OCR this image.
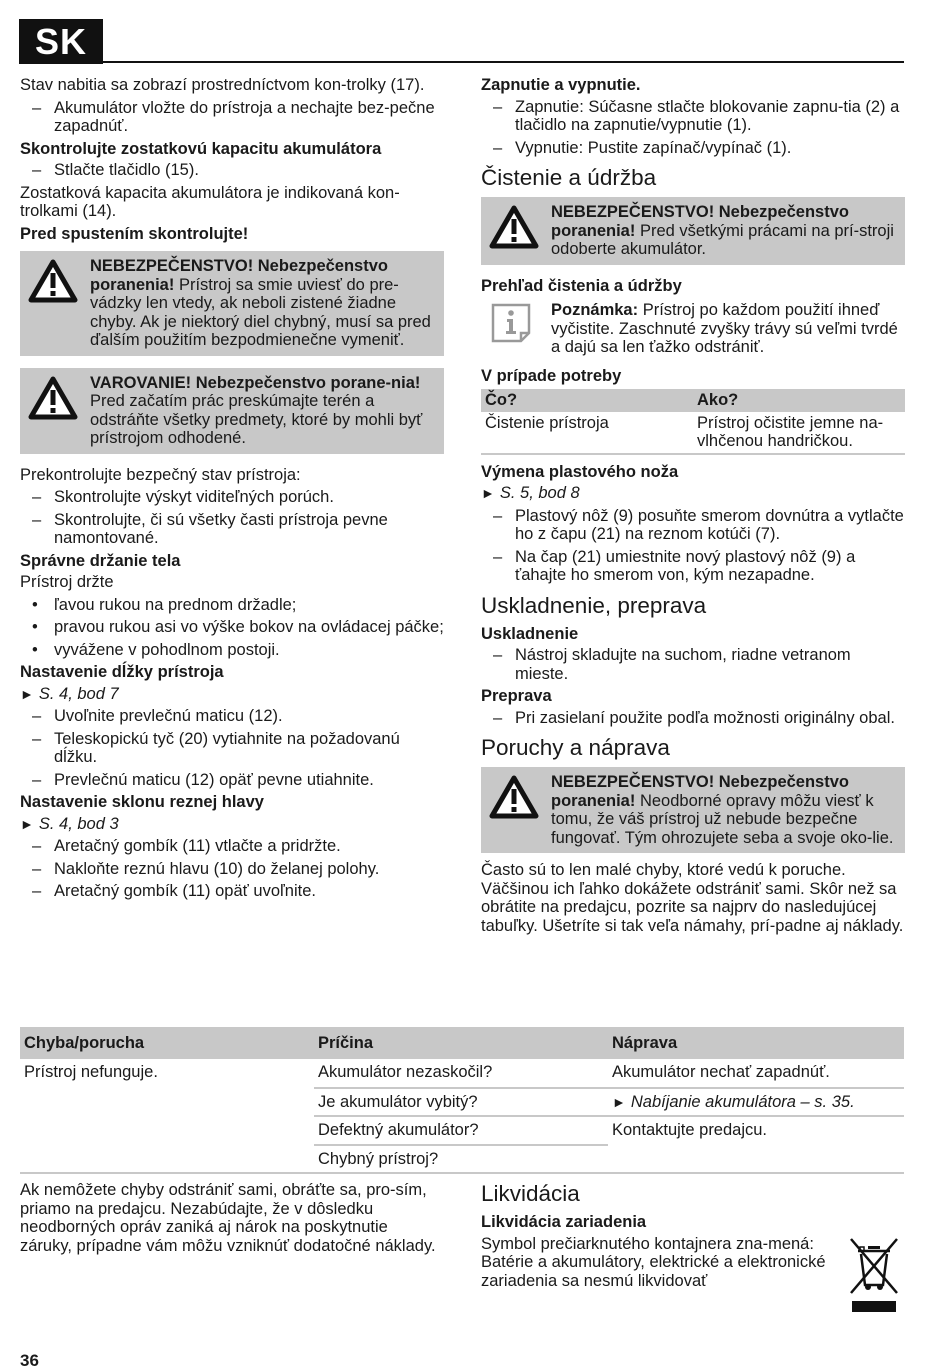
SK

Stav nabitia sa zobrazí prostredníctvom kon-trolky (17).

– Akumulátor vložte do prístroja a nechajte bez-pečne zapadnúť.
Skontrolujte zostatkovú kapacitu akumulátora
– Stlačte tlačidlo (15).

Zostatková kapacita akumulátora je indikovaná kon-trolkami (14).

Pred spustením skontrolujte!
NEBEZPEČENSTVO! Nebezpečenstvo poranenia! Prístroj sa smie uviesť do pre-vádzky len vtedy, ak neboli zistené žiadne chyby. Ak je niektorý diel chybný, musí sa pred ďalším použitím bezpodmienečne vymeniť.
VAROVANIE! Nebezpečenstvo porane-nia! Pred začatím prác preskúmajte terén a odstráňte všetky predmety, ktoré by mohli byť prístrojom odhodené.

Prekontrolujte bezpečný stav prístroja:

– Skontrolujte výskyt viditeľných porúch.
– Skontrolujte, či sú všetky časti prístroja pevne namontované.
Správne držanie tela

Prístroj držte

• ľavou rukou na prednom držadle;
• pravou rukou asi vo výške bokov na ovládacej páčke;
• vyvážene v pohodlnom postoji.
Nastavenie dĺžky prístroja

► S. 4, bod 7

– Uvoľnite prevlečnú maticu (12).
– Teleskopickú tyč (20) vytiahnite na požadovanú dĺžku.
– Prevlečnú maticu (12) opäť pevne utiahnite.
Nastavenie sklonu reznej hlavy

► S. 4, bod 3

– Aretačný gombík (11) vtlačte a pridržte.
– Nakloňte reznú hlavu (10) do želanej polohy.
– Aretačný gombík (11) opäť uvoľnite.
Zapnutie a vypnutie.
– Zapnutie: Súčasne stlačte blokovanie zapnu-tia (2) a tlačidlo na zapnutie/vypnutie (1).
– Vypnutie: Pustite zapínač/vypínač (1).
Čistenie a údržba
NEBEZPEČENSTVO! Nebezpečenstvo poranenia! Pred všetkými prácami na prí-stroji odoberte akumulátor.
Prehľad čistenia a údržby
Poznámka: Prístroj po každom použití ihneď vyčistite. Zaschnuté zvyšky trávy sú veľmi tvrdé a dajú sa len ťažko odstrániť.
V prípade potreby
Čo?	Ako?
Čistenie prístroja	Prístroj očistite jemne na-vlhčenou handričkou.
Výmena plastového noža

► S. 5, bod 8

– Plastový nôž (9) posuňte smerom dovnútra a vytlačte ho z čapu (21) na reznom kotúči (7).
– Na čap (21) umiestnite nový plastový nôž (9) a ťahajte ho smerom von, kým nezapadne.
Uskladnenie, preprava
Uskladnenie
– Nástroj skladujte na suchom, riadne vetranom mieste.
Preprava
– Pri zasielaní použite podľa možnosti originálny obal.
Poruchy a náprava
NEBEZPEČENSTVO! Nebezpečenstvo poranenia! Neodborné opravy môžu viesť k tomu, že váš prístroj už nebude bezpečne fungovať. Tým ohrozujete seba a svoje oko-lie.

Často sú to len malé chyby, ktoré vedú k poruche. Väčšinou ich ľahko dokážete odstrániť sami. Skôr než sa obrátite na predajcu, pozrite sa najprv do nasledujúcej tabuľky. Ušetríte si tak veľa námahy, prí-padne aj náklady.

Chyba/porucha	Príčina	Náprava
Prístroj nefunguje.	Akumulátor nezaskočil?	Akumulátor nechať zapadnúť.
	Je akumulátor vybitý?	► Nabíjanie akumulátora – s. 35.
	Defektný akumulátor?	Kontaktujte predajcu.
	Chybný prístroj?	

Ak nemôžete chyby odstrániť sami, obráťte sa, pro-sím, priamo na predajcu. Nezabúdajte, že v dôsledku neodborných opráv zaniká aj nárok na poskytnutie záruky, prípadne vám môžu vzniknúť dodatočné náklady.

Likvidácia
Likvidácia zariadenia

Symbol prečiarknutého kontajnera zna-mená: Batérie a akumulátory, elektrické a elektronické zariadenia sa nesmú likvidovať

36
